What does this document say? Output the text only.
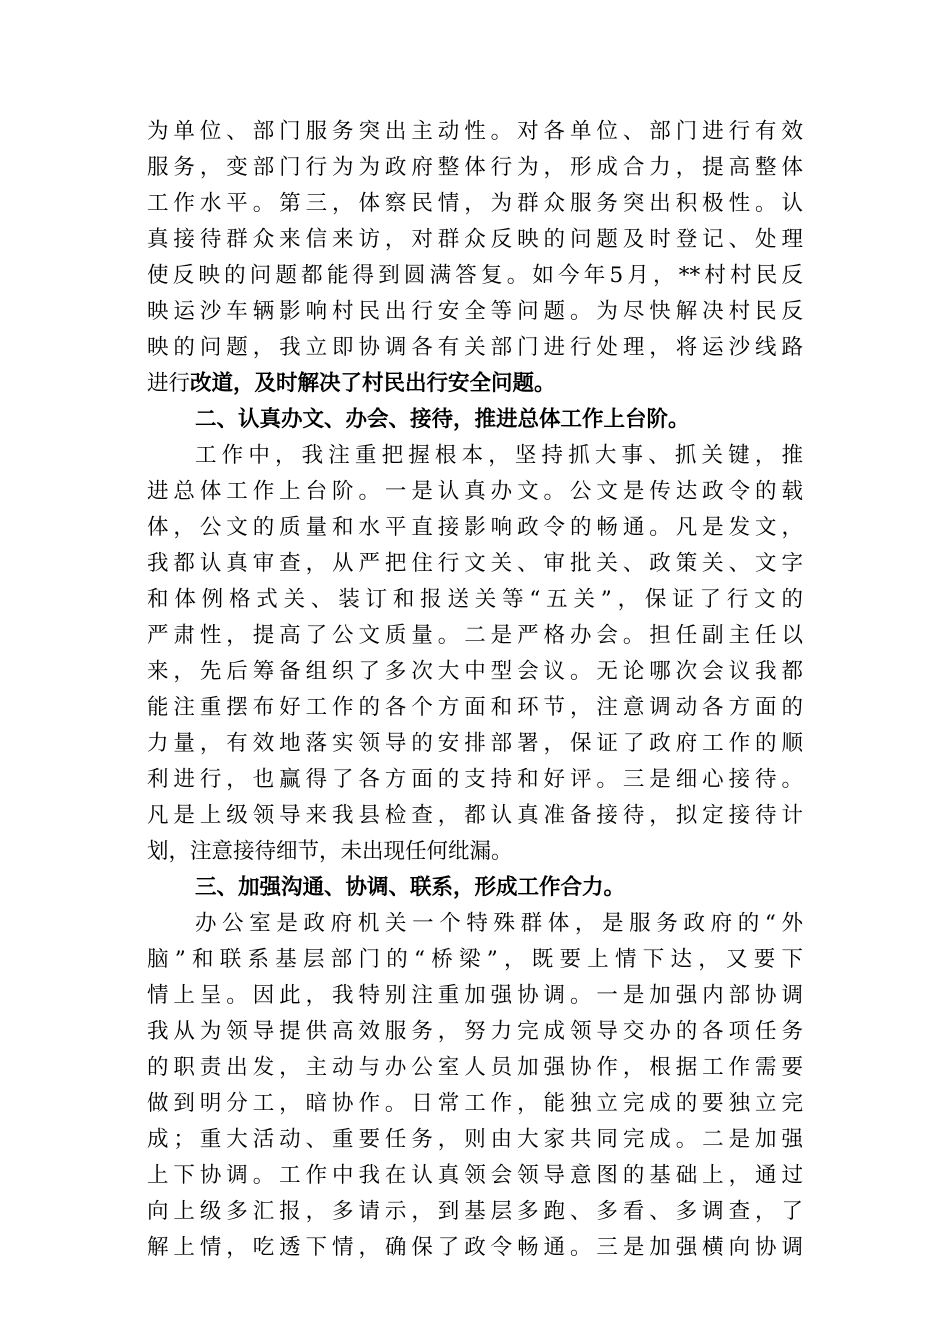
为单位、部门服务突出主动性。对各单位、部门进行有效
服务，变部门行为为政府整体行为，形成合力，提高整体
工作水平。第三，体察民情，为群众服务突出积极性。认
真接待群众来信来访，对群众反映的问题及时登记、处理
使反映的问题都能得到圆满答复。如今年5月，**村村民反
映运沙车辆影响村民出行安全等问题。为尽快解决村民反
映的问题，我立即协调各有关部门进行处理，将运沙线路
进行改道，及时解决了村民出行安全问题。
二、认真办文、办会、接待，推进总体工作上台阶。
工作中，我注重把握根本，坚持抓大事、抓关键，推
进总体工作上台阶。一是认真办文。公文是传达政令的载
体，公文的质量和水平直接影响政令的畅通。凡是发文，
我都认真审查，从严把住行文关、审批关、政策关、文字
和体例格式关、装订和报送关等“五关”，保证了行文的
严肃性，提高了公文质量。二是严格办会。担任副主任以
来，先后筹备组织了多次大中型会议。无论哪次会议我都
能注重摆布好工作的各个方面和环节，注意调动各方面的
力量，有效地落实领导的安排部署，保证了政府工作的顺
利进行，也赢得了各方面的支持和好评。三是细心接待。
凡是上级领导来我县检查，都认真准备接待，拟定接待计
划，注意接待细节，未出现任何纰漏。
三、加强沟通、协调、联系，形成工作合力。
办公室是政府机关一个特殊群体，是服务政府的“外
脑”和联系基层部门的“桥梁”，既要上情下达，又要下
情上呈。因此，我特别注重加强协调。一是加强内部协调
我从为领导提供高效服务，努力完成领导交办的各项任务
的职责出发，主动与办公室人员加强协作，根据工作需要
做到明分工，暗协作。日常工作，能独立完成的要独立完
成；重大活动、重要任务，则由大家共同完成。二是加强
上下协调。工作中我在认真领会领导意图的基础上，通过
向上级多汇报，多请示，到基层多跑、多看、多调查，了
解上情，吃透下情，确保了政令畅通。三是加强横向协调
